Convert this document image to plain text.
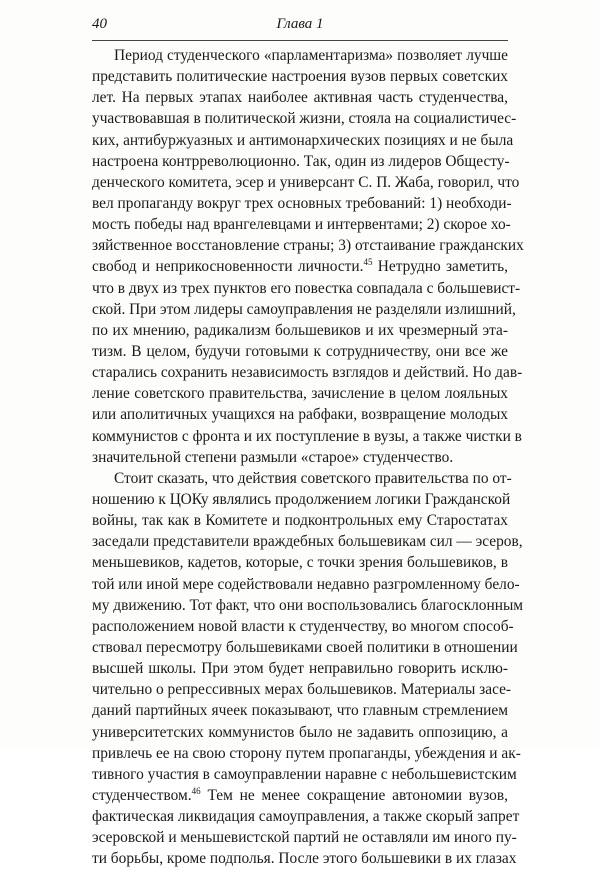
40	Глава 1
Период студенческого «парламентаризма» позволяет лучше
представить политические настроения вузов первых советских
лет. На первых этапах наиболее активная часть студенчества,
участвовавшая в политической жизни, стояла на социалистичес-
ких, антибуржуазных и антимонархических позициях и не была
настроена контрреволюционно. Так, один из лидеров Общесту-
денческого комитета, эсер и универсант С. П. Жаба, говорил, что
вел пропаганду вокруг трех основных требований: 1) необходи-
мость победы над врангелевцами и интервентами; 2) скорое хо-
зяйственное восстановление страны; 3) отстаивание гражданских
свобод и неприкосновенности личности.$^{45}$ Нетрудно заметить,
что в двух из трех пунктов его повестка совпадала с большевист-
ской. При этом лидеры самоуправления не разделяли излишний,
по их мнению, радикализм большевиков и их чрезмерный эта-
тизм. В целом, будучи готовыми к сотрудничеству, они все же
старались сохранить независимость взглядов и действий. Но дав-
ление советского правительства, зачисление в целом лояльных
или аполитичных учащихся на рабфаки, возвращение молодых
коммунистов с фронта и их поступление в вузы, а также чистки в
значительной степени размыли «старое» студенчество.
Стоит сказать, что действия советского правительства по от-
ношению к ЦОКу являлись продолжением логики Гражданской
войны, так как в Комитете и подконтрольных ему Старостатах
заседали представители враждебных большевикам сил — эсеров,
меньшевиков, кадетов, которые, с точки зрения большевиков, в
той или иной мере содействовали недавно разгромленному бело-
му движению. Тот факт, что они воспользовались благосклонным
расположением новой власти к студенчеству, во многом способ-
ствовал пересмотру большевиками своей политики в отношении
высшей школы. При этом будет неправильно говорить исклю-
чительно о репрессивных мерах большевиков. Материалы засе-
даний партийных ячеек показывают, что главным стремлением
университетских коммунистов было не задавить оппозицию, а
привлечь ее на свою сторону путем пропаганды, убеждения и ак-
тивного участия в самоуправлении наравне с небольшевистским
студенчеством.$^{46}$ Тем не менее сокращение автономии вузов,
фактическая ликвидация самоуправления, а также скорый запрет
эсеровской и меньшевистской партий не оставляли им иного пу-
ти борьбы, кроме подполья. После этого большевики в их глазах
